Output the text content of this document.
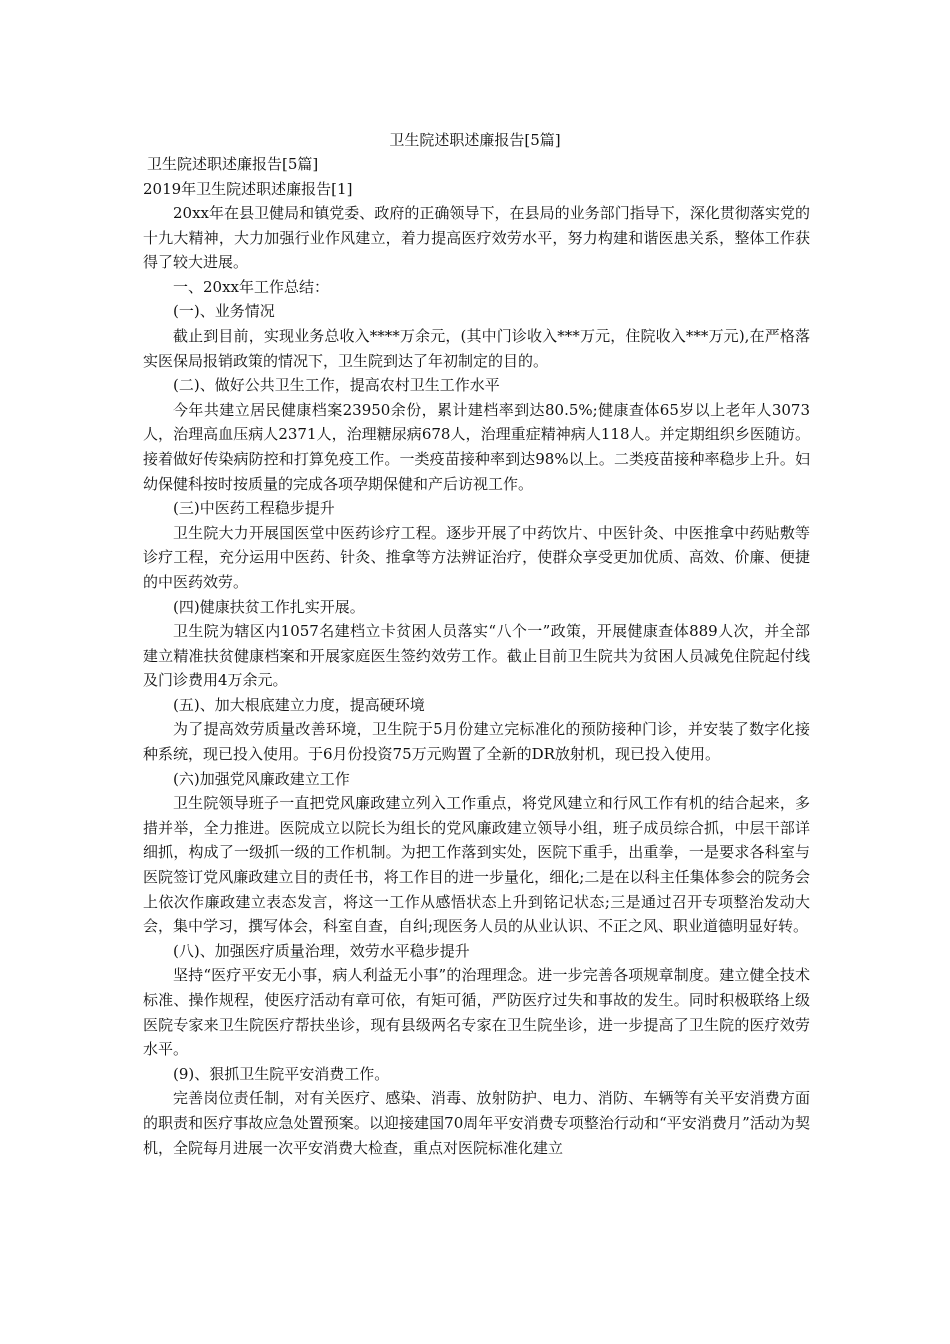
卫生院述职述廉报告[5篇]
卫生院述职述廉报告[5篇]
2019年卫生院述职述廉报告[1]

20xx年在县卫健局和镇党委、政府的正确领导下，在县局的业务部门指导下，深化贯彻落实党的十九大精神，大力加强行业作风建立，着力提高医疗效劳水平，努力构建和谐医患关系，整体工作获得了较大进展。

一、20xx年工作总结：

(一)、业务情况

截止到目前，实现业务总收入****万余元，(其中门诊收入***万元，住院收入***万元),在严格落实医保局报销政策的情况下，卫生院到达了年初制定的目的。

(二)、做好公共卫生工作，提高农村卫生工作水平

今年共建立居民健康档案23950余份，累计建档率到达80.5%;健康查体65岁以上老年人3073人，治理高血压病人2371人，治理糖尿病678人，治理重症精神病人118人。并定期组织乡医随访。接着做好传染病防控和打算免疫工作。一类疫苗接种率到达98%以上。二类疫苗接种率稳步上升。妇幼保健科按时按质量的完成各项孕期保健和产后访视工作。

(三)中医药工程稳步提升

卫生院大力开展国医堂中医药诊疗工程。逐步开展了中药饮片、中医针灸、中医推拿中药贴敷等诊疗工程，充分运用中医药、针灸、推拿等方法辨证治疗，使群众享受更加优质、高效、价廉、便捷的中医药效劳。

(四)健康扶贫工作扎实开展。

卫生院为辖区内1057名建档立卡贫困人员落实“八个一”政策，开展健康查体889人次，并全部建立精准扶贫健康档案和开展家庭医生签约效劳工作。截止目前卫生院共为贫困人员减免住院起付线及门诊费用4万余元。

(五)、加大根底建立力度，提高硬环境

为了提高效劳质量改善环境，卫生院于5月份建立完标准化的预防接种门诊，并安装了数字化接种系统，现已投入使用。于6月份投资75万元购置了全新的DR放射机，现已投入使用。

(六)加强党风廉政建立工作

卫生院领导班子一直把党风廉政建立列入工作重点，将党风建立和行风工作有机的结合起来，多措并举，全力推进。医院成立以院长为组长的党风廉政建立领导小组，班子成员综合抓，中层干部详细抓，构成了一级抓一级的工作机制。为把工作落到实处，医院下重手，出重拳，一是要求各科室与医院签订党风廉政建立目的责任书，将工作目的进一步量化，细化;二是在以科主任集体参会的院务会上依次作廉政建立表态发言，将这一工作从感悟状态上升到铭记状态;三是通过召开专项整治发动大会，集中学习，撰写体会，科室自查，自纠;现医务人员的从业认识、不正之风、职业道德明显好转。

(八)、加强医疗质量治理，效劳水平稳步提升

坚持“医疗平安无小事，病人利益无小事”的治理理念。进一步完善各项规章制度。建立健全技术标准、操作规程，使医疗活动有章可依，有矩可循，严防医疗过失和事故的发生。同时积极联络上级医院专家来卫生院医疗帮扶坐诊，现有县级两名专家在卫生院坐诊，进一步提高了卫生院的医疗效劳水平。

(9)、狠抓卫生院平安消费工作。

完善岗位责任制，对有关医疗、感染、消毒、放射防护、电力、消防、车辆等有关平安消费方面的职责和医疗事故应急处置预案。以迎接建国70周年平安消费专项整治行动和“平安消费月”活动为契机，全院每月进展一次平安消费大检查，重点对医院标准化建立
